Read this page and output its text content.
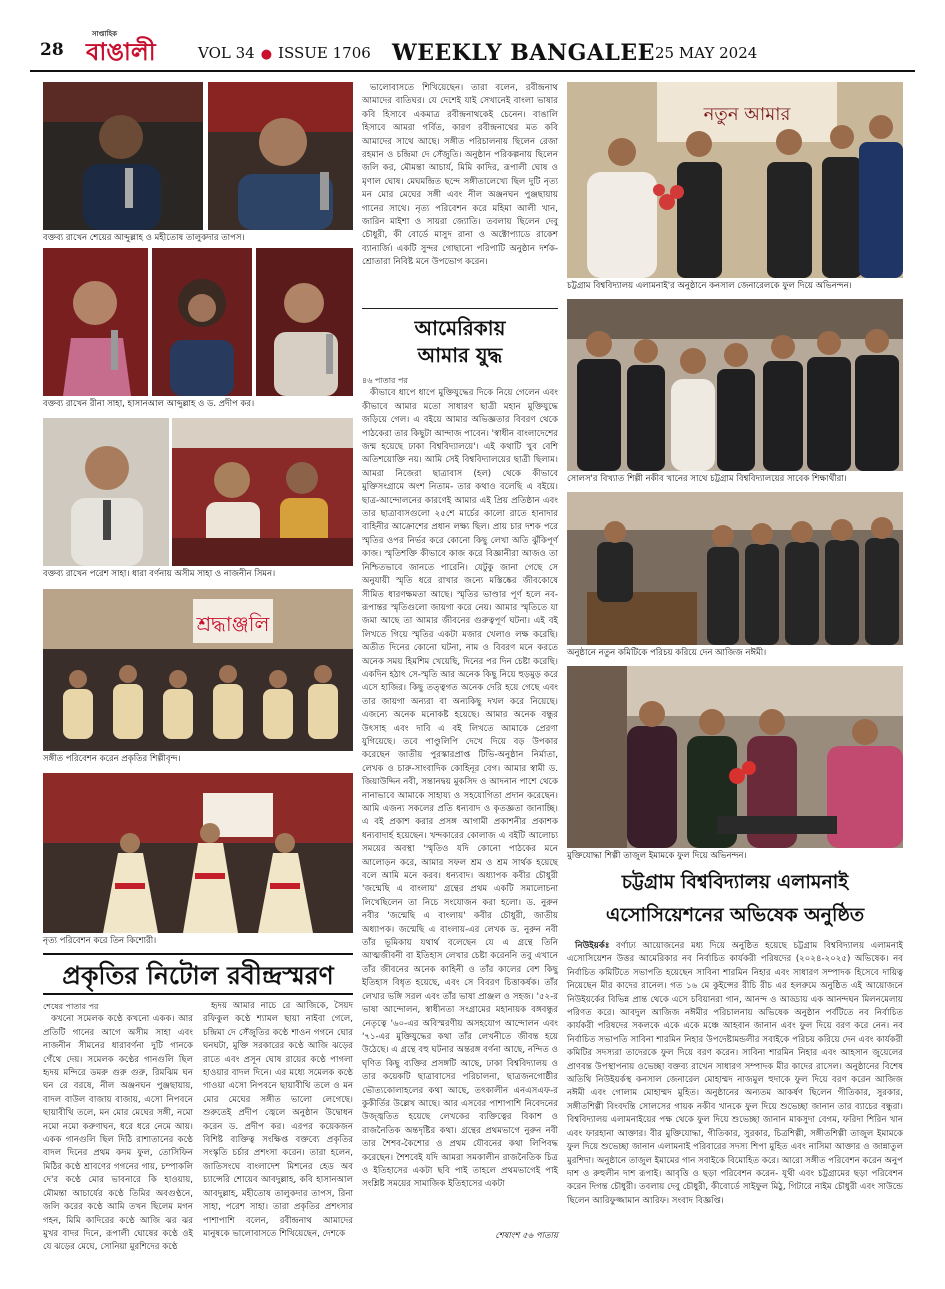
28
সাপ্তাহিক
বাঙালী	VOL 34 ● ISSUE 1706 WEEKLY BANGALEE 25 MAY 2024
বক্তব্য রাখেন শেয়ের আব্দুল্লাহ ও মহীতোষ তালুকদার তাপস।
বক্তব্য রাখেন রীনা সাহা, হাসানআল আব্দুল্লাহ ও ড. প্রদীপ কর।
বক্তব্য রাখেন পরেশ সাহা। ধারা বর্ণনায় অসীম সাহা ও নাজনীন সিমন।
শ্রদ্ধাঞ্জলি
সঙ্গীত পরিবেশন করেন প্রকৃতির শিল্পীবৃন্দ।
নৃত্য পরিবেশন করে তিন কিশোরী।
প্রকৃতির নিটোল রবীন্দ্রস্মরণ
শেষের পাতার পর

কখনো সমেলক কণ্ঠে কখনো একক। আর প্রতিটি গানের আগে অসীম সাহা এবং নাজনীন সীমনের ধারাবর্ণনা দুটি গানকে গেঁথে দেয়। সমেলক কণ্ঠের গানগুলি ছিল হৃদয় মন্দিরে ডমরু গুরু গুরু, রিমঝিম ঘন ঘন রে বরষে, নীল অঞ্জনঘন পুঞ্জছায়ায়, বাদল বাউল বাজায় বাজায়, এসো নিপবনে ছায়াবীথি তলে, মন মোর মেঘের সঙ্গী, নমো নমো নমো করুণাঘন, ধরে ধরে নেমে আয়। একক গানগুলি ছিল দিঠি রাশাতানের কণ্ঠে বাদল দিনের প্রথম কদম ফুল, তোসিফিন মিঠির কণ্ঠে শ্রাবণের গগনের গায়, চম্পাকলি দে'র কণ্ঠে মোর ভাবনারে কি হাওয়ায়, মৌমন্তা আচার্যের কণ্ঠে তিমির অবগুণ্ঠনে, জলি করের কণ্ঠে আমি তখন ছিলেম মগন গহন, মিমি কাদিরের কণ্ঠে আজি ঝর ঝর মুখর বাদর দিনে, রূপালী ঘোষের কণ্ঠে ওই যে ঝড়ের মেঘে, সোনিয়া মুরশিদের কণ্ঠে

হৃদয় আমার নাচে রে আজিকে, সৈয়দ রফিকুল কণ্ঠে শ্যামল ছায়া নাইবা গেলে, চন্দ্রিমা দে সেঁজুতির কণ্ঠে শাওন গগনে ঘোর ঘনঘটা, মুক্তি সরকারের কণ্ঠে আজি ঝড়ের রাতে এবং প্রসূন ঘোষ রায়ের কণ্ঠে পাগলা হাওয়ার বাদল দিনে। এর মধ্যে সমেলক কণ্ঠে গাওয়া এসো নিপবনে ছায়াবীথি তলে ও মন মোর মেঘের সঙ্গীত ভালো লেগেছে। শুরুতেই প্রদীপ জ্বেলে অনুষ্ঠান উদ্বোধন করেন ড. প্রদীপ কর। এরপর কয়েকজন বিশিষ্ট ব্যক্তিত্ব সংক্ষিপ্ত বক্তব্যে প্রকৃতির সংস্কৃতি চর্চার প্রশংসা করেন। তারা হলেন, জাতিসংঘে বাংলাদেশ মিশনের হেড অব চ্যান্সেরি শোয়েব আবদুল্লাহ, কবি হাসানআল আবদুল্লাহ, মহীতোষ তালুকদার তাপস, রিনা সাহা, পরেশ সাহা। তারা প্রকৃতির প্রশংসার পাশাপাশি বলেন, রবীন্দ্রনাথ আমাদের মানুষকে ভালোবাসতে শিখিয়েছেন, দেশকে

ভালোবাসতে শিখিয়েছেন। তারা বলেন, রবীন্দ্রনাথ আমাদের বাতিঘর। যে দেশেই যাই সেখানেই বাংলা ভাষার কবি হিসাবে একমাত্র রবীন্দ্রনাথকেই চেনেন। বাঙালি হিসাবে আমরা গর্বিত, কারণ রবীন্দ্রনাথের মত কবি আমাদের সাথে আছে। সঙ্গীত পরিচালনায় ছিলেন রেজা রহমান ও চন্দ্রিমা দে সেঁজুতি। অনুষ্ঠান পরিকল্পনায় ছিলেন জলি কর, মৌমন্তা আচার্য, মিমি কাদির, রূপালী ঘোষ ও মৃণাল ঘোষ। মেঘমন্দ্রিত ছন্দে সঙ্গীতালেখ্যে ছিল দুটি নৃত্য মন মোর মেঘের সঙ্গী এবং নীল অঞ্জনঘন পুঞ্জছায়ায় গানের সাথে। নৃত্য পরিবেশন করে মহিমা আলী খান, জারিন মাইশা ও সায়রা জ্যোতি। তবলায় ছিলেন দেবু চৌধুরী, কী বোর্ডে মাসুদ রানা ও অক্টোপ্যাডে রাকেশ ব্যানার্জি। একটি সুন্দর গোছানো পরিপাটি অনুষ্ঠান দর্শক-শ্রোতারা নিবিষ্ট মনে উপভোগ করেন।

আমেরিকায়
আমার যুদ্ধ
৪৬ পাতার পর

কীভাবে ধাপে ধাপে মুক্তিযুদ্ধের দিকে নিয়ে গেলেন এবং কীভাবে আমার মতো সাধারণ ছাত্রী মহান মুক্তিযুদ্ধে জড়িয়ে গেল। এ বইয়ে আমার অভিজ্ঞতার বিবরণ থেকে পাঠকেরা তার কিছুটা আন্দাজ পাবেন। 'স্বাধীন বাংলাদেশের জন্ম হয়েছে ঢাকা বিশ্ববিদ্যালয়ে'। এই কথাটি খুব বেশি অতিশয়োক্তি নয়। আমি সেই বিশ্ববিদ্যালয়ের ছাত্রী ছিলাম। আমরা নিজেরা ছাত্রাবাস (হল) থেকে কীভাবে মুক্তিসংগ্রামে অংশ নিতাম- তার কথাও বলেছি এ বইয়ে। ছাত্র-আন্দোলনের কারণেই আমার এই প্রিয় প্রতিষ্ঠান এবং তার ছাত্রাবাসগুলো ২৫শে মার্চের কালো রাতে হানাদার বাহিনীর আক্রোশের প্রধান লক্ষ্য ছিল। প্রায় চার দশক পরে স্মৃতির ওপর নির্ভর করে কোনো কিছু লেখা অতি ঝুঁকিপূর্ণ কাজ। স্মৃতিশক্তি কীভাবে কাজ করে বিজ্ঞানীরা আজও তা নিশ্চিতভাবে জানতে পারেনি। যেটুকু জানা গেছে সে অনুযায়ী স্মৃতি ধরে রাখার জন্যে মস্তিষ্কের জীবকোষে সীমিত ধারণক্ষমতা আছে। স্মৃতির ভাণ্ডার পূর্ণ হলে নব-রূপান্তর স্মৃতিগুলো জায়গা করে নেয়। আমার স্মৃতিতে যা জমা আছে তা আমার জীবনের গুরুত্বপূর্ণ ঘটনা। এই বই লিখতে গিয়ে স্মৃতির একটা মজার খেলাও লক্ষ করেছি। অতীত দিনের কোনো ঘটনা, নাম ও বিবরণ মনে করতে অনেক সময় হিমশিম খেয়েছি, দিনের পর দিন চেষ্টা করেছি। একদিন হঠাৎ সে-স্মৃতি আর অনেক কিছু নিয়ে হুড়মুড় করে এসে হাজির। কিছু তত্ত্বগত অনেক দেরি হয়ে গেছে এবং তার জায়গা অন্যরা বা অন্যকিছু দখল করে নিয়েছে। এজন্যে অনেক মনোকষ্ট হয়েছে। আমার অনেক বন্ধুর উৎসাহ এবং দাবি এ বই লিখতে আমাকে প্রেরণা যুগিয়েছে। তবে পাণ্ডুলিপি দেখে দিয়ে বড় উপকার করেছেন জাতীয় পুরস্কারপ্রাপ্ত টিভি-অনুষ্ঠান নির্মাতা, লেখক ও চারু-সাংবাদিক কোহিনূর বেগ। আমার স্বামী ড. জিয়াউদ্দিন নবী, সন্তানদ্বয় মুকসিদ ও আদনান পাশে থেকে নানাভাবে আমাকে সাহায্য ও সহযোগিতা প্রদান করেছেন। আমি এজন্য সকলের প্রতি ধন্যবাদ ও কৃতজ্ঞতা জানাচ্ছি। এ বই প্রকাশ করার প্রসঙ্গ আগামী প্রকাশনীর প্রকাশক ধন্যবাদার্হ হয়েছেন। খন্দকারের কোলাজ এ বইটি আলোচ্য সময়ের অবস্থা 'স্মৃতিও যদি কোনো পাঠকের মনে আলোড়ন করে, আমার সফল শ্রম ও শ্রম সার্থক হয়েছে বলে আমি মনে করব। ধন্যবাদ। অধ্যাপক কবীর চৌধুরী 'জন্মেছি এ বাংলায়' গ্রন্থের প্রথম একটি সমালোচনা লিখেছিলেন তা নিচে সংযোজন করা হলো। ড. নুরুন নবীর 'জন্মেছি এ বাংলায়' কবীর চৌধুরী, জাতীয় অধ্যাপক। জন্মেছি এ বাংলায়-এর লেখক ড. নুরুন নবী তাঁর ভূমিকায় যথার্থ বলেছেন যে এ গ্রন্থে তিনি আত্মজীবনী বা ইতিহাস লেখার চেষ্টা করেননি তবু এখানে তাঁর জীবনের অনেক কাহিনী ও তাঁর কালের বেশ কিছু ইতিহাস বিধৃত হয়েছে, এবং সে বিবরণ চিত্তাকর্ষক। তাঁর লেখার ভঙ্গি সরল এবং তাঁর ভাষা প্রাঞ্জল ও সহজ। '৫২-র ভাষা আন্দোলন, স্বাধীনতা সংগ্রামের মহানায়ক বঙ্গবন্ধুর নেতৃত্বে '৬০-এর অবিস্মরণীয় অসহযোগ আন্দোলন এবং '৭১-এর মুক্তিযুদ্ধের কথা তাঁর লেখনীতে জীবন্ত হয়ে উঠেছে। এ গ্রন্থে বহু ঘটনার অন্তরঙ্গ বর্ণনা আছে, নন্দিত ও ঘৃণিত কিছু ব্যক্তির প্রসঙ্গটি আছে, ঢাকা বিশ্ববিদ্যালয় ও তার কয়েকটি ছাত্রাবাসের পরিচালনা, ছাত্রজনগোষ্ঠীর ভৌত্যকোলাহলের কথা আছে, তৎকালীন এনএসএফ-র কুকীর্তির উল্লেখ আছে। আর এসবের পাশাপাশি নিবেদনের উজ্জ্বতিত হয়েছে লেখকের ব্যক্তিত্বের বিকাশ ও রাজনৈতিক অন্তদৃষ্টির কথা। গ্রন্থের প্রথমভাগে নুরুন নবী তার শৈশব-কৈশোর ও প্রথম যৌবনের কথা লিপিবদ্ধ করেছেন। শৈশবেই যদি আমরা সমকালীন রাজনৈতিক চিত্র ও ইতিহাসের একটা ছবি পাই তাহলে প্রথমভাগেই পাই সংশ্লিষ্ট সময়ের সামাজিক ইতিহাসের একটা

শেষাংশ ৫৬ পাতায়
নতুন আমার
চট্টগ্রাম বিশ্ববিদ্যালয় এলামনাই'র অনুষ্ঠানে কনসাল জেনারেলকে ফুল দিয়ে অভিনন্দন।
সোলস'র বিখ্যাত শিল্পী নকীব খানের সাথে চট্টগ্রাম বিশ্ববিদ্যালয়ের সাবেক শিক্ষার্থীরা।
অনুষ্ঠানে নতুন কমিটিকে পরিচয় করিয়ে দেন আজিজ নঈমী।
মুক্তিযোদ্ধা শিল্পী তাজুল ইমামকে ফুল দিয়ে অভিনন্দন।
চট্টগ্রাম বিশ্ববিদ্যালয় এলামনাই
এসোসিয়েশনের অভিষেক অনুষ্ঠিত

নিউইয়র্কঃ বর্ণাঢ্য আয়োজনের মধ্য দিয়ে অনুষ্ঠিত হয়েছে চট্টগ্রাম বিশ্ববিদ্যালয় এলামনাই এসোসিয়েশন উত্তর আমেরিকার নব নির্বাচিত কার্যকরী পরিষদের (২০২৪-২০২৫) অভিষেক। নব নির্বাচিত কমিটিতে সভাপতি হয়েছেন সাবিনা শারমিন নিহার এবং সাধারণ সম্পাদক হিসেবে দায়িত্ব নিয়েছেন মীর কাদের রানেল। গত ১৬ মে কুইন্সের রীচি রীচ এর হলরুমে অনুষ্ঠিত এই আয়োজনে নিউইয়র্কের বিভিন্ন প্রান্ত থেকে এসে চবিয়ানরা গান, আনন্দ ও আড্ডায় এক আনন্দঘন মিলনমেলায় পরিণত করে। আবদুল আজিজ নঈমীর পরিচালনায় অভিষেক অনুষ্ঠান পর্বটিতে নব নির্বাচিত কার্যকরী পরিষদের সকলকে একে একে মঞ্চে আহবান জানান এবং ফুল দিয়ে বরণ করে নেন। নব নির্বাচিত সভাপতি সাবিনা শারমিন নিহার উপদেষ্টামন্ডলীর সবাইকে পরিচয় করিয়ে দেন এবং কার্যকরী কমিটির সদস্যরা তাদেরকে ফুল দিয়ে বরণ করেন। সাবিনা শারমিন নিহার এবং আহসান জুয়েলের প্রাণবন্ত উপস্থাপনায় ওভেচ্ছা বক্তব্য রাখেন সাধারণ সম্পাদক মীর কাদের রাসেল। অনুষ্ঠানের বিশেষ অতিথি নিউইয়র্কস্থ কনসাল জেনারেল মোহাম্মদ নাজমুল হুদাকে ফুল দিয়ে বরণ করেন আজিজ নঈমী এবং গোলাম মোহাম্মদ মুহিত। অনুষ্ঠানের অন্যতম আকর্ষণ ছিলেন গীতিকার, সুরকার, সঙ্গীতশিল্পী বিংবদন্তি সোলসের গায়ক নকীব খানকে ফুল দিয়ে শুভেচ্ছা জানান তার ব্যাচের বন্ধুরা। বিশ্ববিদ্যালয় এলামনাইয়ের পক্ষ থেকে ফুল দিয়ে শুভেচ্ছা জানান মাকসুদা বেগম, ফরিদা শিরিন খান এবং ফারহানা আক্তার। বীর মুক্তিযোদ্ধা, গীতিকার, সুরকার, চিত্রশিল্পী, সঙ্গীতশিল্পী তাজুল ইমামকে ফুল দিয়ে শুভেচ্ছা জানান এলামনাই পরিবারের সদস্য শিপা মুহিত এবং নাসিমা আক্তার ও জান্নাতুল মুরশিদা। অনুষ্ঠানে তাজুল ইমামের গান সবাইকে বিমোহিত করে। আরো সঙ্গীত পরিবেশন করেন অনুপ দাশ ও রুহুলীন দাশ রূপাই। আবৃত্তি ও ছড়া পরিবেশন করেন- যূথী এবং চট্টগ্রামের ছড়া পরিবেশন করেন দিগন্ত চৌধুরী। তবলায় দেবু চৌধুরী, কীবোর্ডে সাইফুল মিঠু, গিটারে নাইম চৌধুরী এবং সাউন্ডে ছিলেন আরিফুজ্জামান আরিফ। সংবাদ বিজ্ঞপ্তি।
